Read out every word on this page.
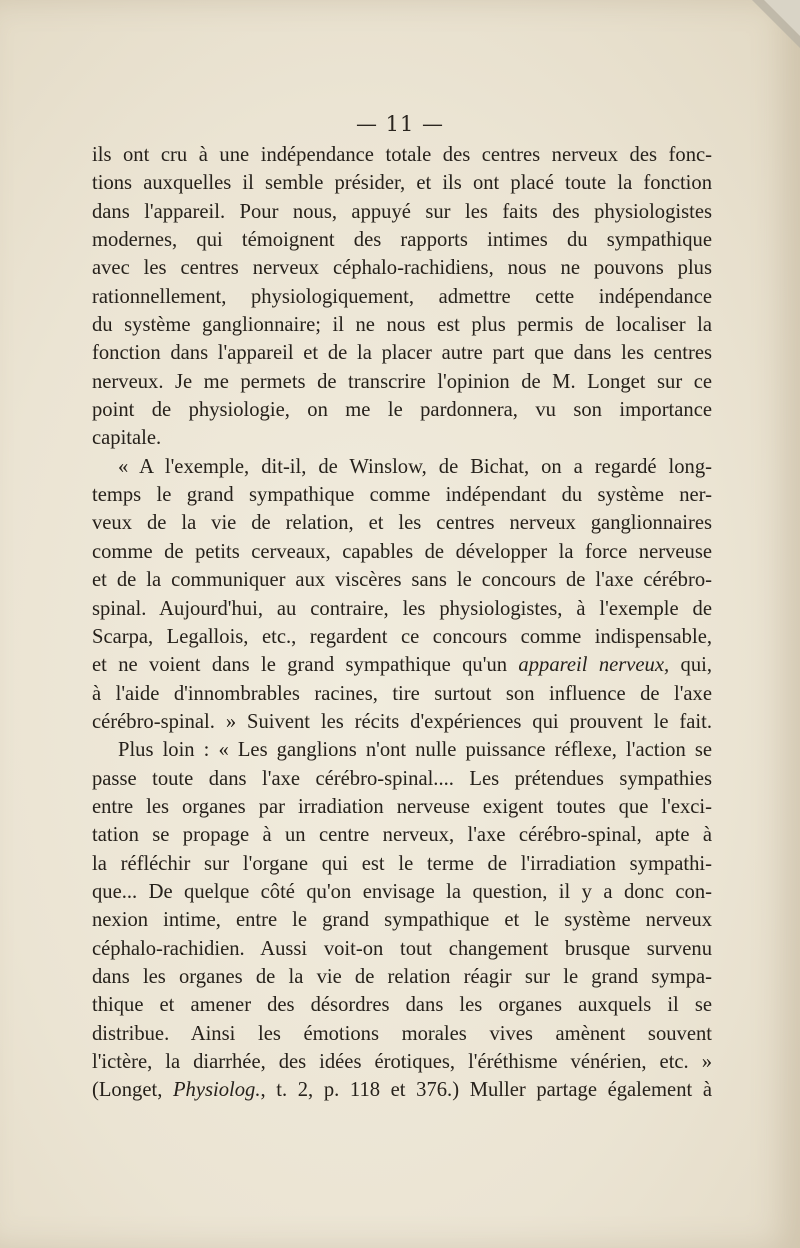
— 11 —
ils ont cru à une indépendance totale des centres nerveux des fonc-
tions auxquelles il semble présider, et ils ont placé toute la fonction
dans l'appareil. Pour nous, appuyé sur les faits des physiologistes
modernes, qui témoignent des rapports intimes du sympathique
avec les centres nerveux céphalo-rachidiens, nous ne pouvons plus
rationnellement, physiologiquement, admettre cette indépendance
du système ganglionnaire; il ne nous est plus permis de localiser la
fonction dans l'appareil et de la placer autre part que dans les centres
nerveux. Je me permets de transcrire l'opinion de M. Longet sur ce
point de physiologie, on me le pardonnera, vu son importance
capitale.
« A l'exemple, dit-il, de Winslow, de Bichat, on a regardé long-
temps le grand sympathique comme indépendant du système ner-
veux de la vie de relation, et les centres nerveux ganglionnaires
comme de petits cerveaux, capables de développer la force nerveuse
et de la communiquer aux viscères sans le concours de l'axe cérébro-
spinal. Aujourd'hui, au contraire, les physiologistes, à l'exemple de
Scarpa, Legallois, etc., regardent ce concours comme indispensable,
et ne voient dans le grand sympathique qu'un appareil nerveux, qui,
à l'aide d'innombrables racines, tire surtout son influence de l'axe
cérébro-spinal. » Suivent les récits d'expériences qui prouvent le fait.
Plus loin : « Les ganglions n'ont nulle puissance réflexe, l'action se
passe toute dans l'axe cérébro-spinal.... Les prétendues sympathies
entre les organes par irradiation nerveuse exigent toutes que l'exci-
tation se propage à un centre nerveux, l'axe cérébro-spinal, apte à
la réfléchir sur l'organe qui est le terme de l'irradiation sympathi-
que... De quelque côté qu'on envisage la question, il y a donc con-
nexion intime, entre le grand sympathique et le système nerveux
céphalo-rachidien. Aussi voit-on tout changement brusque survenu
dans les organes de la vie de relation réagir sur le grand sympa-
thique et amener des désordres dans les organes auxquels il se
distribue. Ainsi les émotions morales vives amènent souvent
l'ictère, la diarrhée, des idées érotiques, l'éréthisme vénérien, etc. »
(Longet, Physiolog., t. 2, p. 118 et 376.) Muller partage également à
